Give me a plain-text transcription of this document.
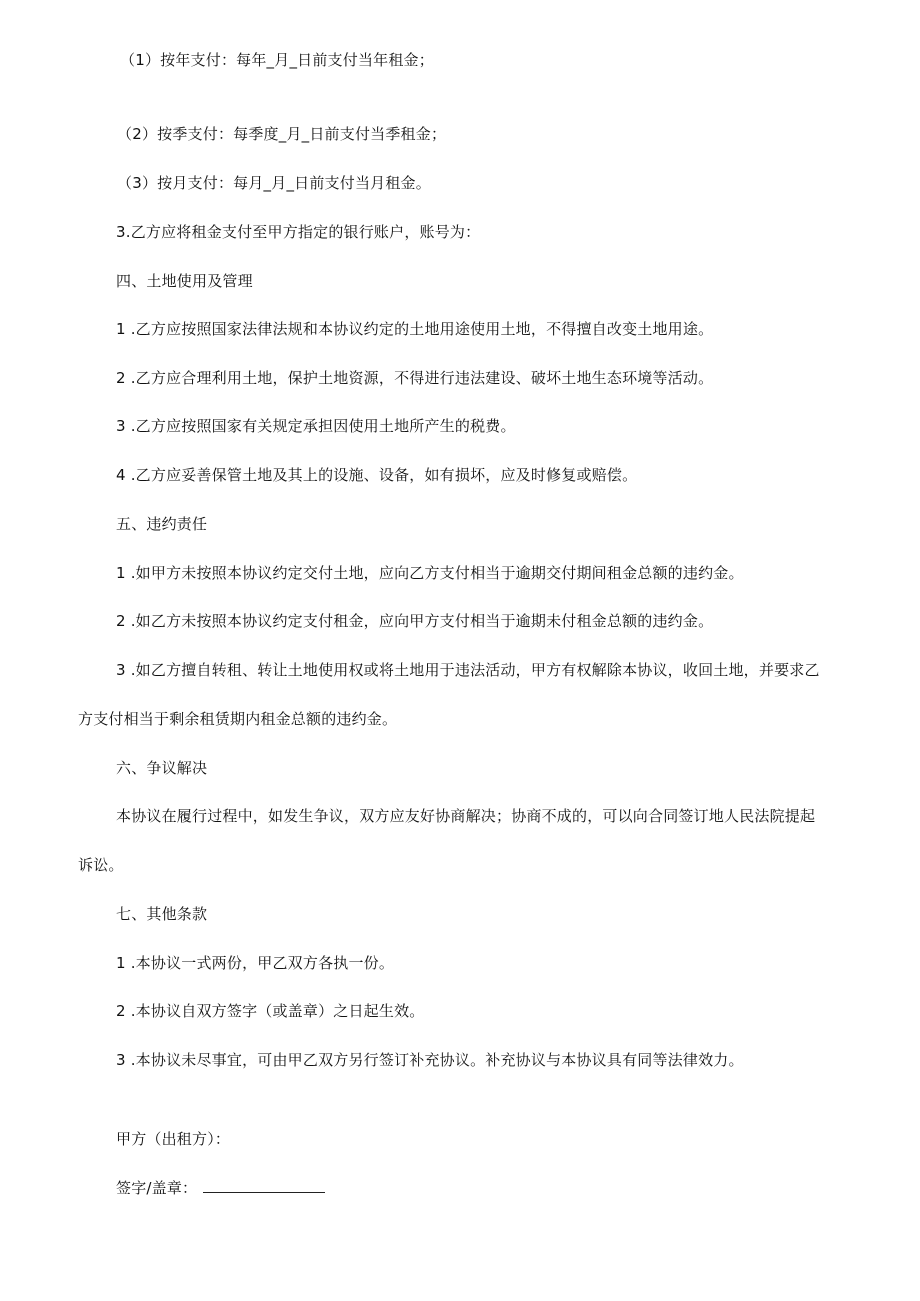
（1）按年支付：每年_月_日前支付当年租金；
（2）按季支付：每季度_月_日前支付当季租金；
（3）按月支付：每月_月_日前支付当月租金。
3.乙方应将租金支付至甲方指定的银行账户，账号为：
四、土地使用及管理
1 .乙方应按照国家法律法规和本协议约定的土地用途使用土地，不得擅自改变土地用途。
2 .乙方应合理利用土地，保护土地资源，不得进行违法建设、破坏土地生态环境等活动。
3 .乙方应按照国家有关规定承担因使用土地所产生的税费。
4 .乙方应妥善保管土地及其上的设施、设备，如有损坏，应及时修复或赔偿。
五、违约责任
1 .如甲方未按照本协议约定交付土地，应向乙方支付相当于逾期交付期间租金总额的违约金。
2 .如乙方未按照本协议约定支付租金，应向甲方支付相当于逾期未付租金总额的违约金。
3 .如乙方擅自转租、转让土地使用权或将土地用于违法活动，甲方有权解除本协议，收回土地，并要求乙
方支付相当于剩余租赁期内租金总额的违约金。
六、争议解决
本协议在履行过程中，如发生争议，双方应友好协商解决；协商不成的，可以向合同签订地人民法院提起
诉讼。
七、其他条款
1 .本协议一式两份，甲乙双方各执一份。
2 .本协议自双方签字（或盖章）之日起生效。
3 .本协议未尽事宜，可由甲乙双方另行签订补充协议。补充协议与本协议具有同等法律效力。
甲方（出租方）：
签字/盖章：
